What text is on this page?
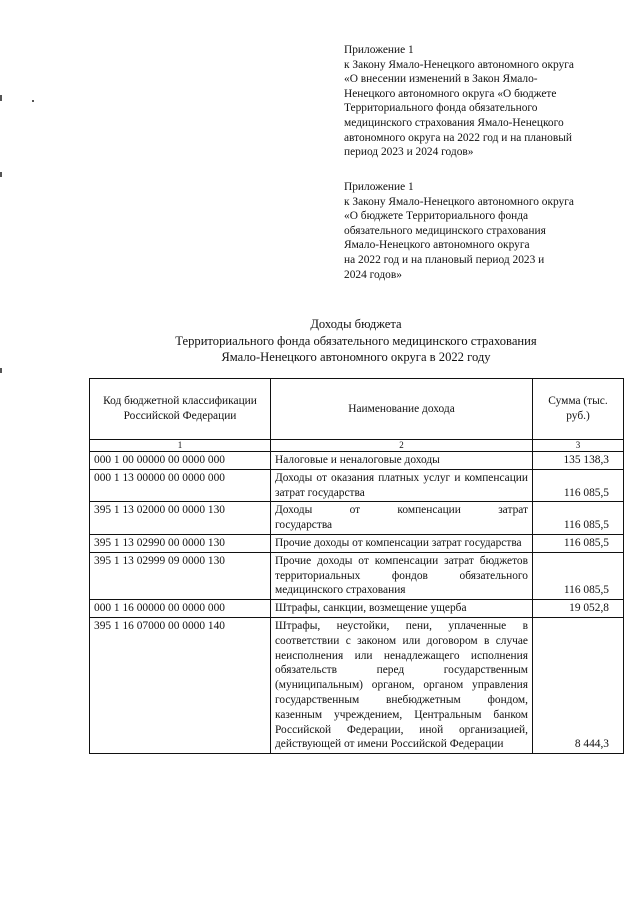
Приложение 1
к Закону Ямало-Ненецкого автономного округа
«О внесении изменений в Закон Ямало-
Ненецкого автономного округа «О бюджете
Территориального фонда обязательного
медицинского страхования Ямало-Ненецкого
автономного округа на 2022 год и на плановый
период 2023 и 2024 годов»
Приложение 1
к Закону Ямало-Ненецкого автономного округа
«О бюджете Территориального фонда
обязательного медицинского страхования
Ямало-Ненецкого автономного округа
на 2022 год и на плановый период 2023 и
2024 годов»
Доходы бюджета
Территориального фонда обязательного медицинского страхования
Ямало-Ненецкого автономного округа в 2022 году
Код бюджетной классификации Российской Федерации	Наименование дохода	Сумма (тыс. руб.)
1	2	3
000 1 00 00000 00 0000 000	Налоговые и неналоговые доходы	135 138,3
000 1 13 00000 00 0000 000	Доходы от оказания платных услуг и компенсации затрат государства	116 085,5
395 1 13 02000 00 0000 130	Доходы от компенсации затрат государства	116 085,5
395 1 13 02990 00 0000 130	Прочие доходы от компенсации затрат государства	116 085,5
395 1 13 02999 09 0000 130	Прочие доходы от компенсации затрат бюджетов территориальных фондов обязательного медицинского страхования	116 085,5
000 1 16 00000 00 0000 000	Штрафы, санкции, возмещение ущерба	19 052,8
395 1 16 07000 00 0000 140	Штрафы, неустойки, пени, уплаченные в соответствии с законом или договором в случае неисполнения или ненадлежащего исполнения обязательств перед государственным (муниципальным) органом, органом управления государственным внебюджетным фондом, казенным учреждением, Центральным банком Российской Федерации, иной организацией, действующей от имени Российской Федерации	8 444,3
